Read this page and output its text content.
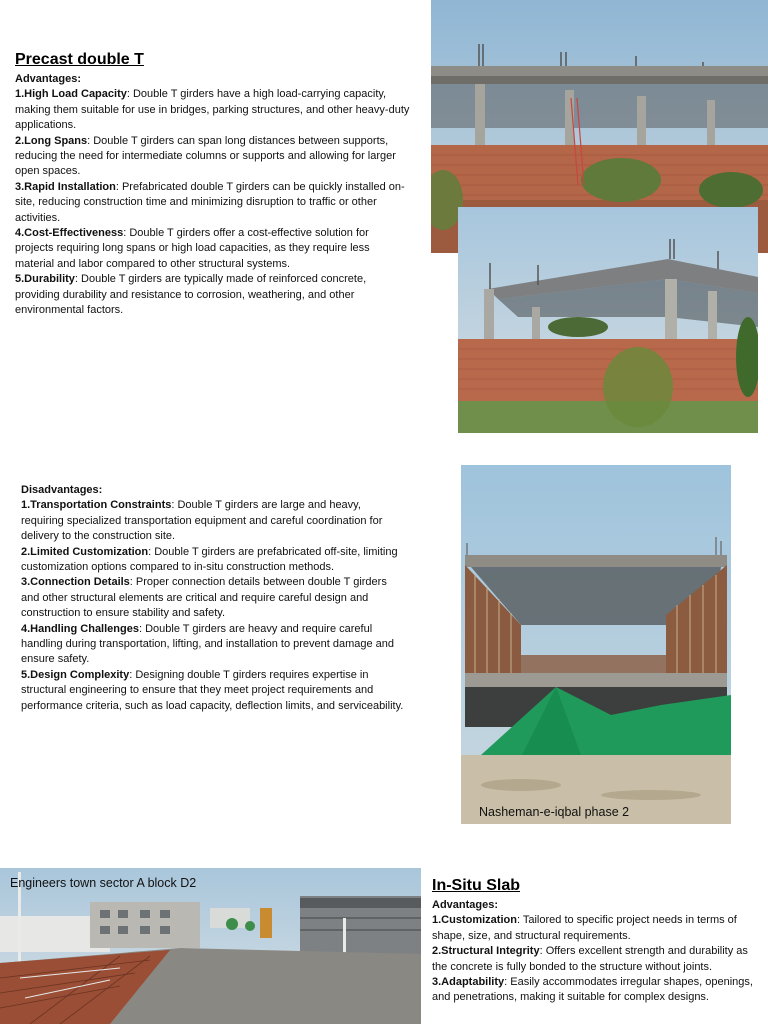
Precast double T
Advantages:
1.High Load Capacity: Double T girders have a high load-carrying capacity, making them suitable for use in bridges, parking structures, and other heavy-duty applications.
2.Long Spans: Double T girders can span long distances between supports, reducing the need for intermediate columns or supports and allowing for larger open spaces.
3.Rapid Installation: Prefabricated double T girders can be quickly installed on-site, reducing construction time and minimizing disruption to traffic or other activities.
4.Cost-Effectiveness: Double T girders offer a cost-effective solution for projects requiring long spans or high load capacities, as they require less material and labor compared to other structural systems.
5.Durability: Double T girders are typically made of reinforced concrete, providing durability and resistance to corrosion, weathering, and other environmental factors.
Disadvantages:
1.Transportation Constraints: Double T girders are large and heavy, requiring specialized transportation equipment and careful coordination for delivery to the construction site.
2.Limited Customization: Double T girders are prefabricated off-site, limiting customization options compared to in-situ construction methods.
3.Connection Details: Proper connection details between double T girders and other structural elements are critical and require careful design and construction to ensure stability and safety.
4.Handling Challenges: Double T girders are heavy and require careful handling during transportation, lifting, and installation to prevent damage and ensure safety.
5.Design Complexity: Designing double T girders requires expertise in structural engineering to ensure that they meet project requirements and performance criteria, such as load capacity, deflection limits, and serviceability.
Nasheman-e-iqbal phase 2
Engineers town sector A block D2	In-Situ Slab
Advantages:
1.Customization: Tailored to specific project needs in terms of shape, size, and structural requirements.
2.Structural Integrity: Offers excellent strength and durability as the concrete is fully bonded to the structure without joints.
3.Adaptability: Easily accommodates irregular shapes, openings, and penetrations, making it suitable for complex designs.
